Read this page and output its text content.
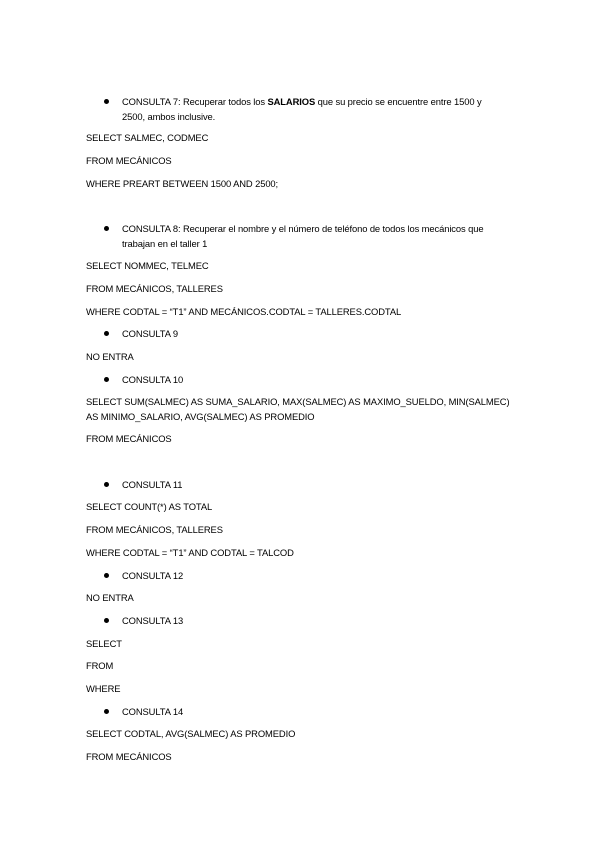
CONSULTA 7: Recuperar todos los SALARIOS que su precio se encuentre entre 1500 y
2500, ambos inclusive.
SELECT SALMEC, CODMEC
FROM MECÁNICOS
WHERE PREART BETWEEN 1500 AND 2500;
CONSULTA 8: Recuperar el nombre y el número de teléfono de todos los mecánicos que
trabajan en el taller 1
SELECT NOMMEC, TELMEC
FROM MECÁNICOS, TALLERES
WHERE CODTAL = “T1” AND MECÁNICOS.CODTAL = TALLERES.CODTAL
CONSULTA 9
NO ENTRA
CONSULTA 10
SELECT SUM(SALMEC) AS SUMA_SALARIO, MAX(SALMEC) AS MAXIMO_SUELDO, MIN(SALMEC)
AS MINIMO_SALARIO, AVG(SALMEC) AS PROMEDIO
FROM MECÁNICOS
CONSULTA 11
SELECT COUNT(*) AS TOTAL
FROM MECÁNICOS, TALLERES
WHERE CODTAL = “T1” AND CODTAL = TALCOD
CONSULTA 12
NO ENTRA
CONSULTA 13
SELECT
FROM
WHERE
CONSULTA 14
SELECT CODTAL, AVG(SALMEC) AS PROMEDIO
FROM MECÁNICOS
